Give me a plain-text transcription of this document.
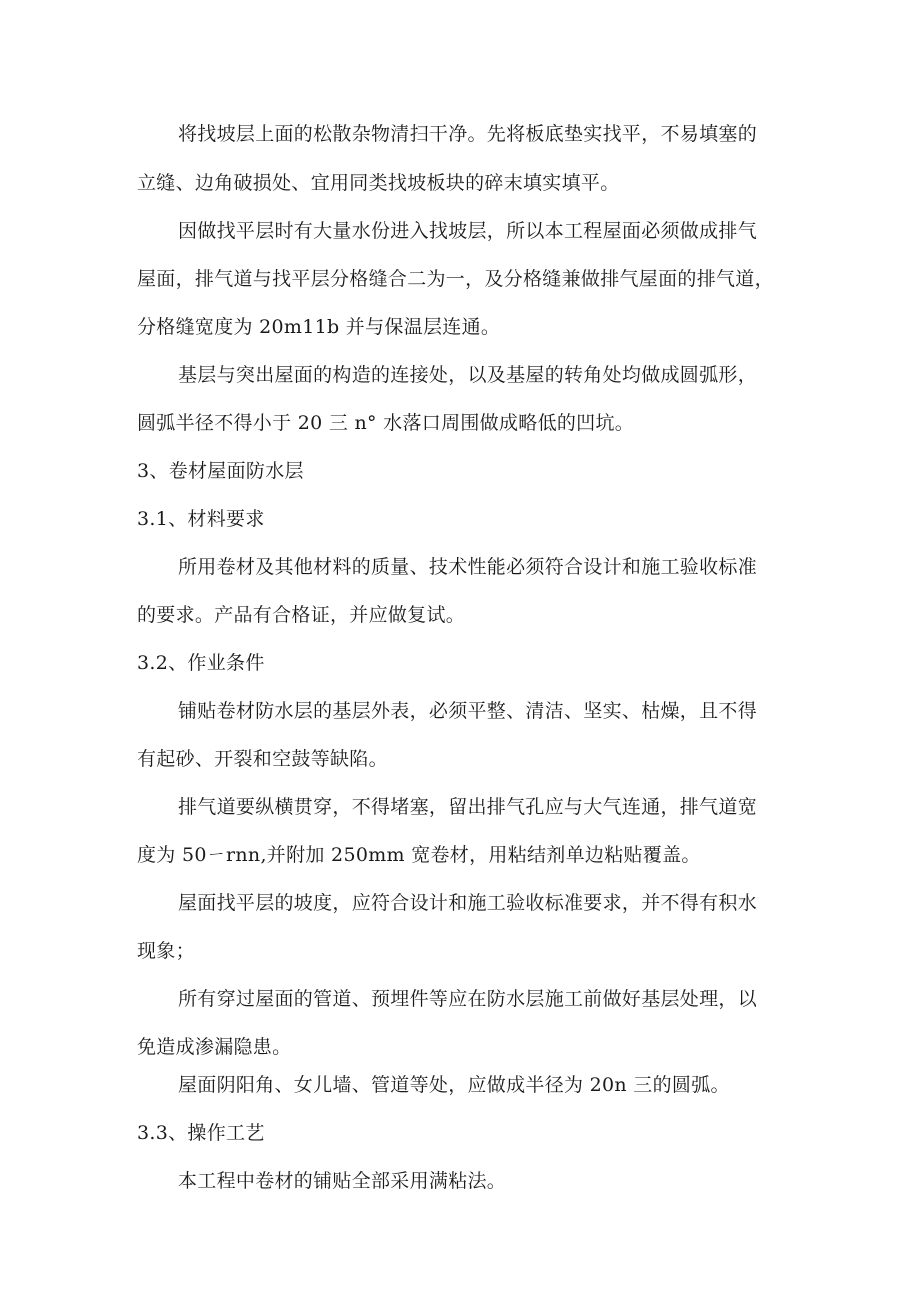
将找坡层上面的松散杂物清扫干净。先将板底垫实找平，不易填塞的
立缝、边角破损处、宜用同类找坡板块的碎末填实填平。
因做找平层时有大量水份进入找坡层，所以本工程屋面必须做成排气
屋面，排气道与找平层分格缝合二为一，及分格缝兼做排气屋面的排气道，
分格缝宽度为 20m11b 并与保温层连通。
基层与突出屋面的构造的连接处，以及基屋的转角处均做成圆弧形，
圆弧半径不得小于 20 三 n° 水落口周围做成略低的凹坑。
3、卷材屋面防水层
3.1、材料要求
所用卷材及其他材料的质量、技术性能必须符合设计和施工验收标准
的要求。产品有合格证，并应做复试。
3.2、作业条件
铺贴卷材防水层的基层外表，必须平整、清洁、坚实、枯燥，且不得
有起砂、开裂和空鼓等缺陷。
排气道要纵横贯穿，不得堵塞，留出排气孔应与大气连通，排气道宽
度为 50ㄧrnn,并附加 250mm 宽卷材，用粘结剂单边粘贴覆盖。
屋面找平层的坡度，应符合设计和施工验收标准要求，并不得有积水
现象；
所有穿过屋面的管道、预埋件等应在防水层施工前做好基层处理，以
免造成渗漏隐患。
屋面阴阳角、女儿墙、管道等处，应做成半径为 20n 三的圆弧。
3.3、操作工艺
本工程中卷材的铺贴全部采用满粘法。
